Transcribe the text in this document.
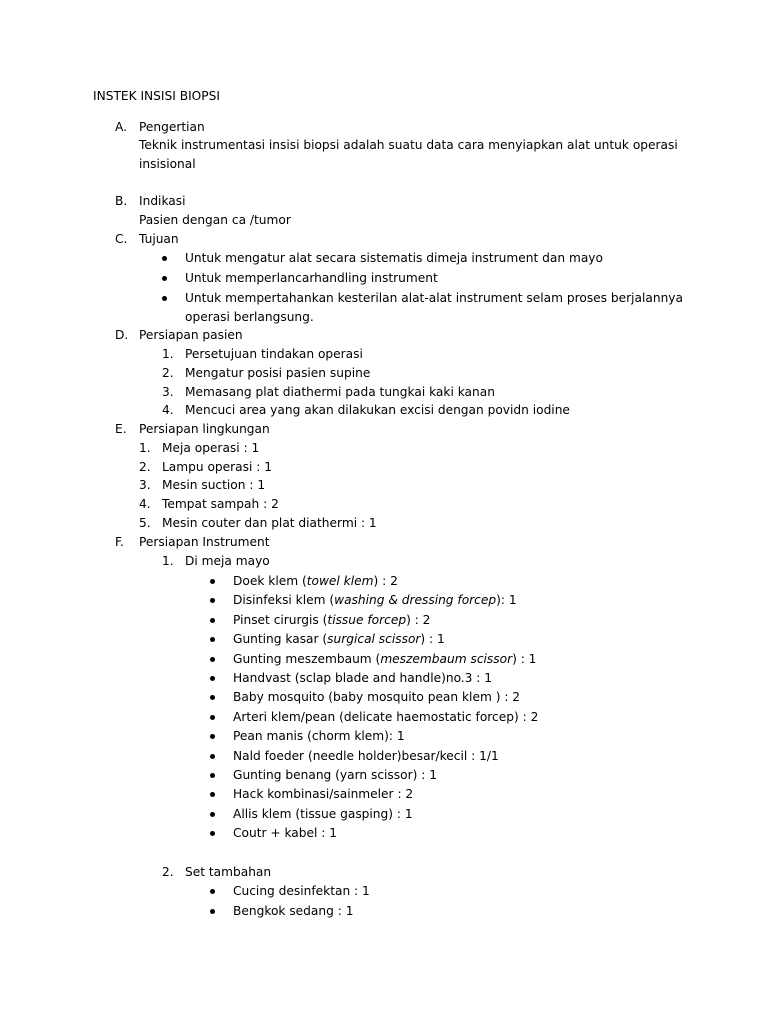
INSTEK INSISI BIOPSI
A. Pengertian
Teknik instrumentasi insisi biopsi adalah suatu data cara menyiapkan alat untuk operasi
insisional
B. Indikasi
Pasien dengan ca /tumor
C. Tujuan
Untuk mengatur alat secara sistematis dimeja instrument dan mayo
Untuk memperlancarhandling instrument
Untuk mempertahankan kesterilan alat-alat instrument selam proses berjalannya
operasi berlangsung.
D. Persiapan pasien
1. Persetujuan tindakan operasi
2. Mengatur posisi pasien supine
3. Memasang plat diathermi pada tungkai kaki kanan
4. Mencuci area yang akan dilakukan excisi dengan povidn iodine
E. Persiapan lingkungan
1. Meja operasi : 1
2. Lampu operasi : 1
3. Mesin suction : 1
4. Tempat sampah : 2
5. Mesin couter dan plat diathermi : 1
F. Persiapan Instrument
1. Di meja mayo
Doek klem (towel klem) : 2
Disinfeksi klem (washing & dressing forcep): 1
Pinset cirurgis (tissue forcep) : 2
Gunting kasar (surgical scissor) : 1
Gunting meszembaum (meszembaum scissor) : 1
Handvast (sclap blade and handle)no.3 : 1
Baby mosquito (baby mosquito pean klem ) : 2
Arteri klem/pean (delicate haemostatic forcep) : 2
Pean manis (chorm klem): 1
Nald foeder (needle holder)besar/kecil : 1/1
Gunting benang (yarn scissor) : 1
Hack kombinasi/sainmeler : 2
Allis klem (tissue gasping) : 1
Coutr + kabel : 1
2. Set tambahan
Cucing desinfektan : 1
Bengkok sedang : 1
